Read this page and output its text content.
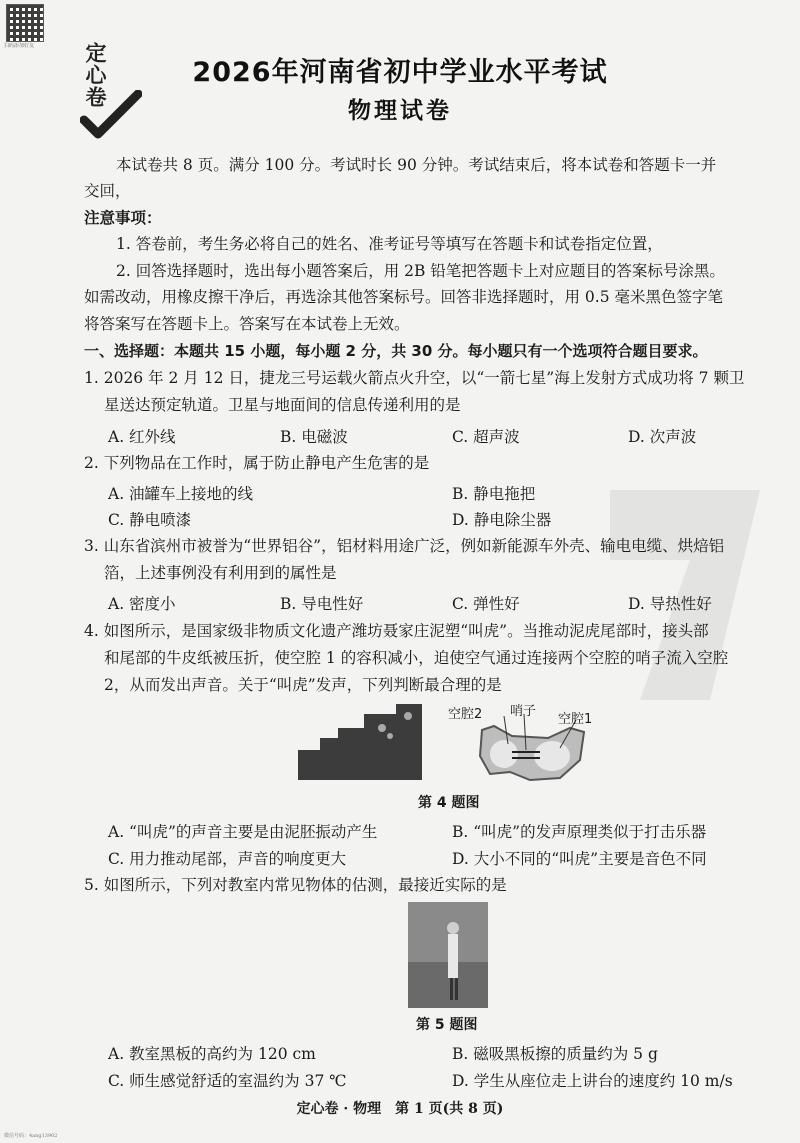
扫码添加好友 定心卷	2026年河南省初中学业水平考试
物理试卷
本试卷共 8 页。满分 100 分。考试时长 90 分钟。考试结束后，将本试卷和答题卡一并
交回，
注意事项：
1. 答卷前，考生务必将自己的姓名、准考证号等填写在答题卡和试卷指定位置，
2. 回答选择题时，选出每小题答案后，用 2B 铅笔把答题卡上对应题目的答案标号涂黑。
如需改动，用橡皮擦干净后，再选涂其他答案标号。回答非选择题时，用 0.5 毫米黑色签字笔
将答案写在答题卡上。答案写在本试卷上无效。
一、选择题：本题共 15 小题，每小题 2 分，共 30 分。每小题只有一个选项符合题目要求。
1. 2026 年 2 月 12 日，捷龙三号运载火箭点火升空，以“一箭七星”海上发射方式成功将 7 颗卫
星送达预定轨道。卫星与地面间的信息传递利用的是
A. 红外线	B. 电磁波	C. 超声波	D. 次声波
2. 下列物品在工作时，属于防止静电产生危害的是
A. 油罐车上接地的线	B. 静电拖把
C. 静电喷漆	D. 静电除尘器
3. 山东省滨州市被誉为“世界铝谷”，铝材料用途广泛，例如新能源车外壳、输电电缆、烘焙铝
箔，上述事例没有利用到的属性是
A. 密度小	B. 导电性好	C. 弹性好	D. 导热性好
4. 如图所示，是国家级非物质文化遗产潍坊聂家庄泥塑“叫虎”。当推动泥虎尾部时，接头部
和尾部的牛皮纸被压折，使空腔 1 的容积减小，迫使空气通过连接两个空腔的哨子流入空腔
2，从而发出声音。关于“叫虎”发声，下列判断最合理的是
空腔2 哨子
空腔1
第 4 题图
A. “叫虎”的声音主要是由泥胚振动产生	B. “叫虎”的发声原理类似于打击乐器
C. 用力推动尾部，声音的响度更大	D. 大小不同的“叫虎”主要是音色不同
5. 如图所示，下列对教室内常见物体的估测，最接近实际的是
第 5 题图
A. 教室黑板的高约为 120 cm	B. 磁吸黑板擦的质量约为 5 g
C. 师生感觉舒适的室温约为 37 ℃	D. 学生从座位走上讲台的速度约 10 m/s
定心卷 · 物理　第 1 页(共 8 页)
微信号码：4ang13902
